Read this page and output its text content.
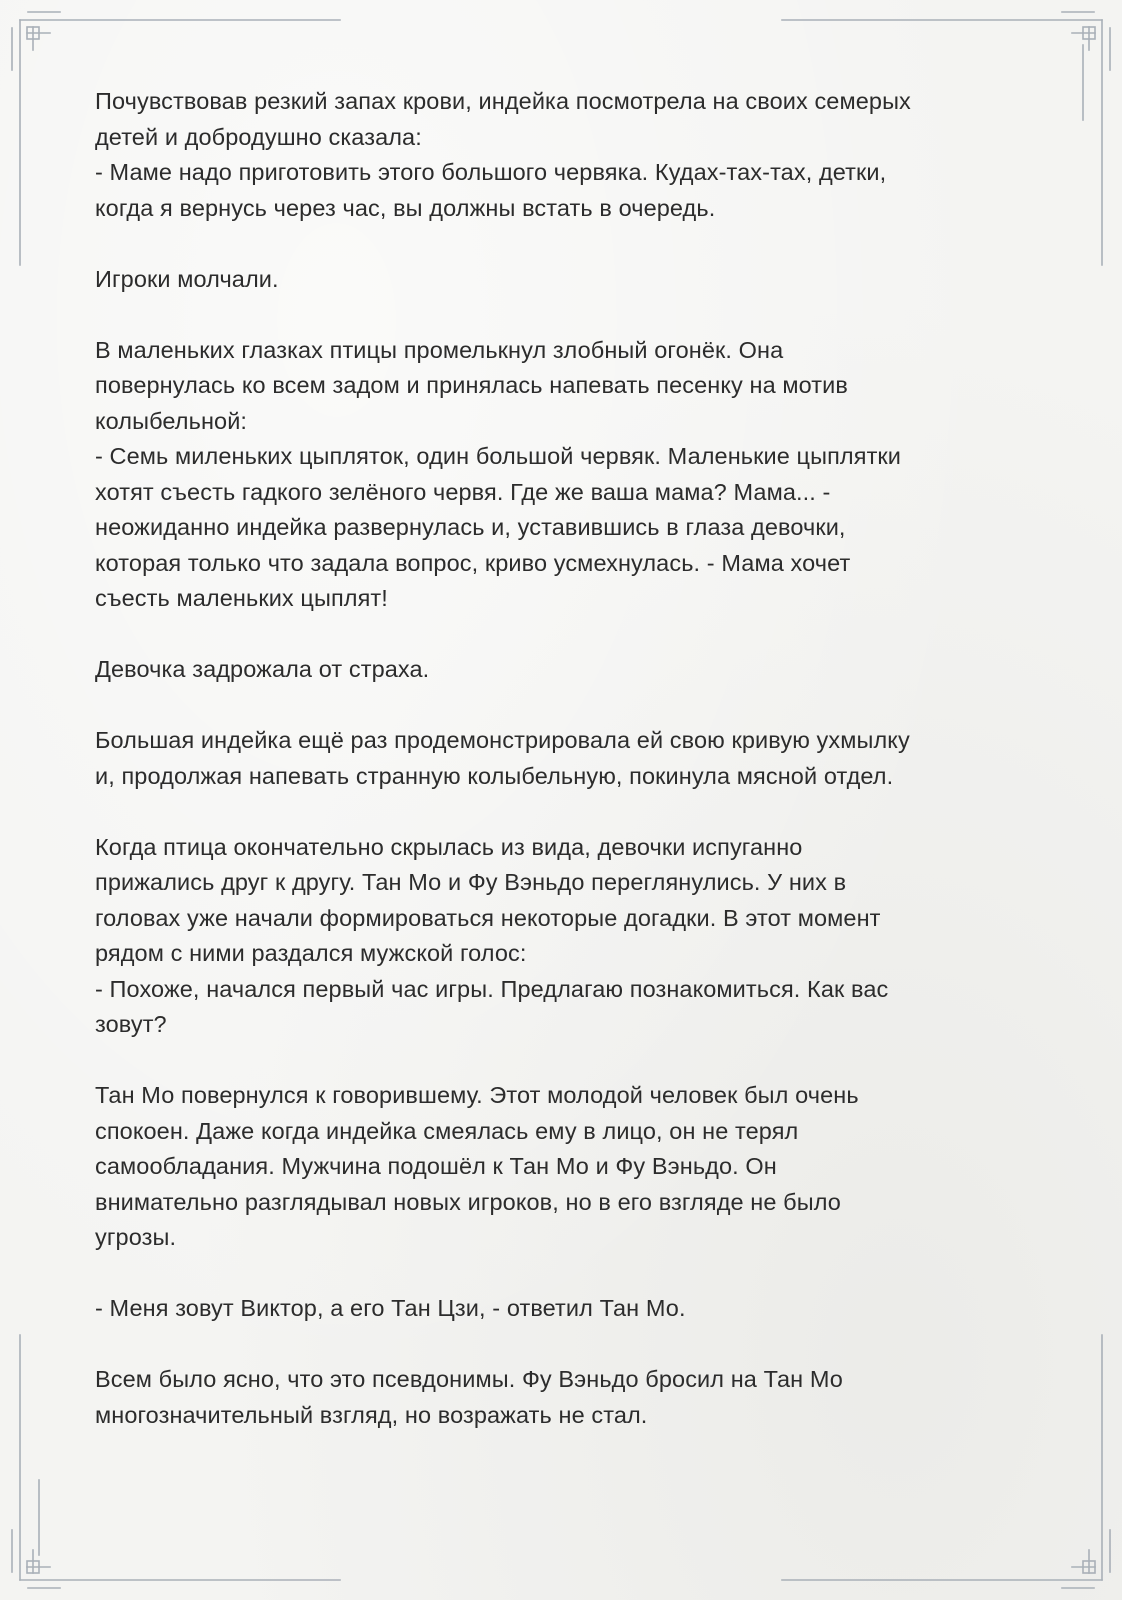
Почувствовав резкий запах крови, индейка посмотрела на своих семерых
детей и добродушно сказала:
- Маме надо приготовить этого большого червяка. Кудах-тах-тах, детки,
когда я вернусь через час, вы должны встать в очередь.
Игроки молчали.
В маленьких глазках птицы промелькнул злобный огонёк. Она
повернулась ко всем задом и принялась напевать песенку на мотив
колыбельной:
- Семь миленьких цыпляток, один большой червяк. Маленькие цыплятки
хотят съесть гадкого зелёного червя. Где же ваша мама? Мама... -
неожиданно индейка развернулась и, уставившись в глаза девочки,
которая только что задала вопрос, криво усмехнулась. - Мама хочет
съесть маленьких цыплят!
Девочка задрожала от страха.
Большая индейка ещё раз продемонстрировала ей свою кривую ухмылку
и, продолжая напевать странную колыбельную, покинула мясной отдел.
Когда птица окончательно скрылась из вида, девочки испуганно
прижались друг к другу. Тан Мо и Фу Вэньдо переглянулись. У них в
головах уже начали формироваться некоторые догадки. В этот момент
рядом с ними раздался мужской голос:
- Похоже, начался первый час игры. Предлагаю познакомиться. Как вас
зовут?
Тан Мо повернулся к говорившему. Этот молодой человек был очень
спокоен. Даже когда индейка смеялась ему в лицо, он не терял
самообладания. Мужчина подошёл к Тан Мо и Фу Вэньдо. Он
внимательно разглядывал новых игроков, но в его взгляде не было
угрозы.
- Меня зовут Виктор, а его Тан Цзи, - ответил Тан Мо.
Всем было ясно, что это псевдонимы. Фу Вэньдо бросил на Тан Мо
многозначительный взгляд, но возражать не стал.
